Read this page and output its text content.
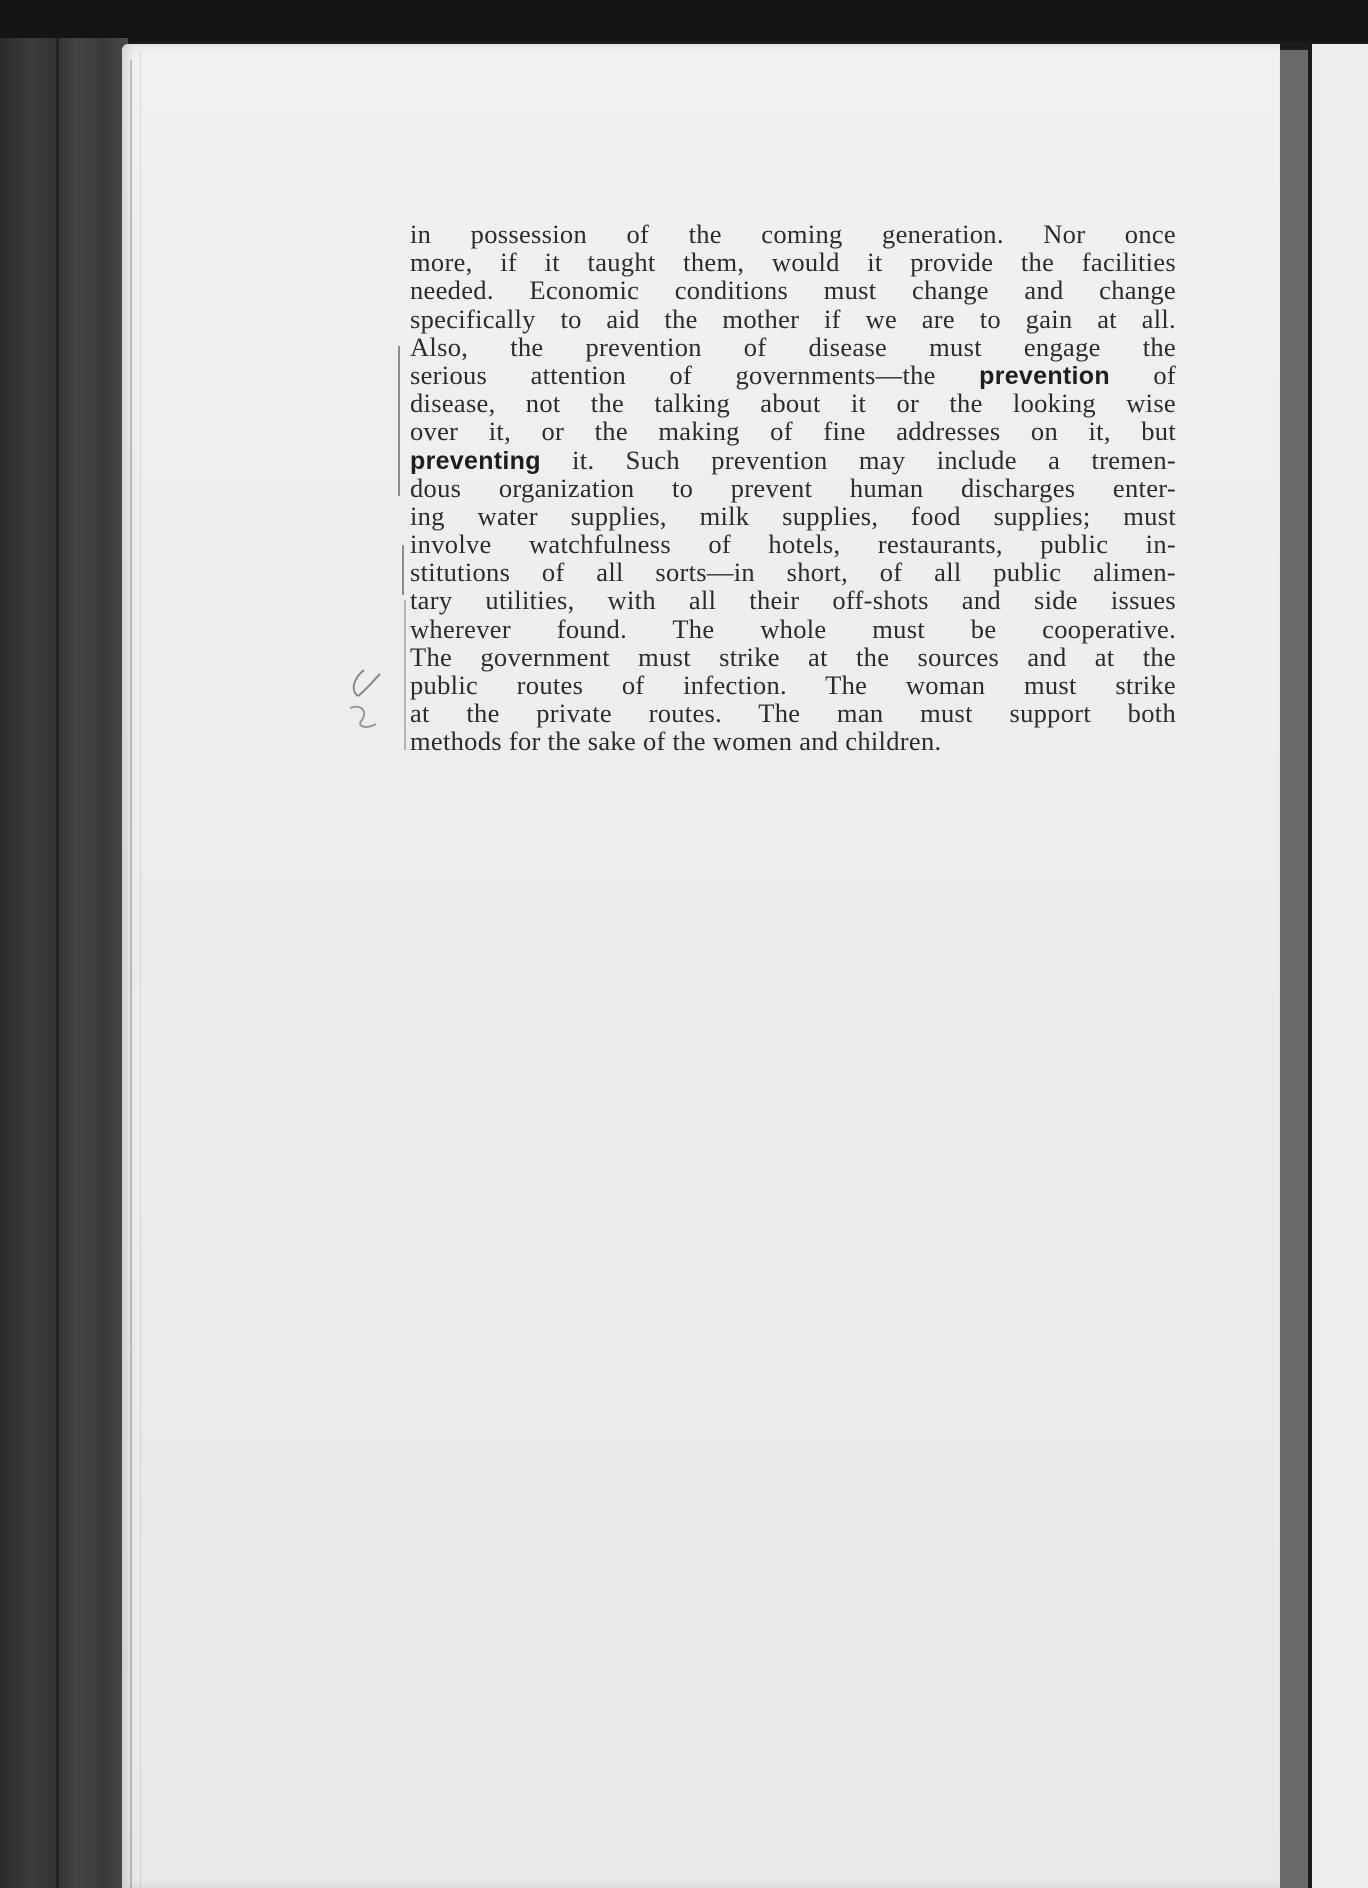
in possession of the coming generation. Nor once
more, if it taught them, would it provide the facilities
needed. Economic conditions must change and change
specifically to aid the mother if we are to gain at all.
Also, the prevention of disease must engage the
serious attention of governments—the prevention of
disease, not the talking about it or the looking wise
over it, or the making of fine addresses on it, but
preventing it. Such prevention may include a tremen-
dous organization to prevent human discharges enter-
ing water supplies, milk supplies, food supplies; must
involve watchfulness of hotels, restaurants, public in-
stitutions of all sorts—in short, of all public alimen-
tary utilities, with all their off-shots and side issues
wherever found. The whole must be cooperative.
The government must strike at the sources and at the
public routes of infection. The woman must strike
at the private routes. The man must support both
methods for the sake of the women and children.
